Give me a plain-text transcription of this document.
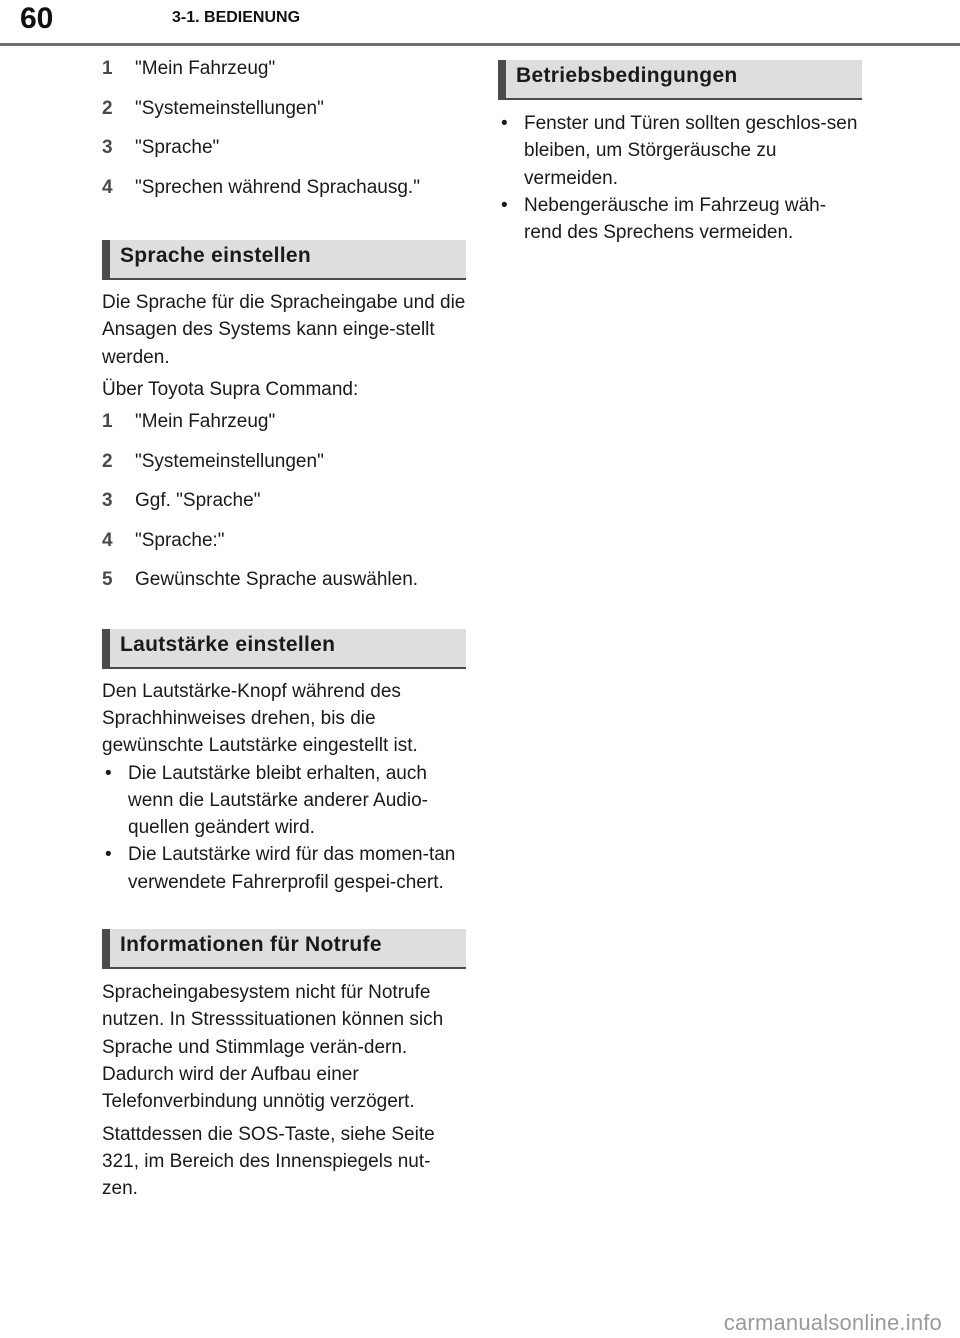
60	3-1. BEDIENUNG
1 "Mein Fahrzeug"
2 "Systemeinstellungen"
3 "Sprache"
4 "Sprechen während Sprachausg."
Sprache einstellen

Die Sprache für die Spracheingabe und die Ansagen des Systems kann einge-stellt werden.

Über Toyota Supra Command:

1 "Mein Fahrzeug"
2 "Systemeinstellungen"
3 Ggf. "Sprache"
4 "Sprache:"
5 Gewünschte Sprache auswählen.
Lautstärke einstellen

Den Lautstärke-Knopf während des Sprachhinweises drehen, bis die gewünschte Lautstärke eingestellt ist.

• Die Lautstärke bleibt erhalten, auch wenn die Lautstärke anderer Audio-quellen geändert wird.
• Die Lautstärke wird für das momen-tan verwendete Fahrerprofil gespei-chert.
Informationen für Notrufe

Spracheingabesystem nicht für Notrufe nutzen. In Stresssituationen können sich Sprache und Stimmlage verän-dern. Dadurch wird der Aufbau einer Telefonverbindung unnötig verzögert.

Stattdessen die SOS-Taste, siehe Seite 321, im Bereich des Innenspiegels nut-zen.

Betriebsbedingungen
• Fenster und Türen sollten geschlos-sen bleiben, um Störgeräusche zu vermeiden.
• Nebengeräusche im Fahrzeug wäh-rend des Sprechens vermeiden.
carmanualsonline.info
